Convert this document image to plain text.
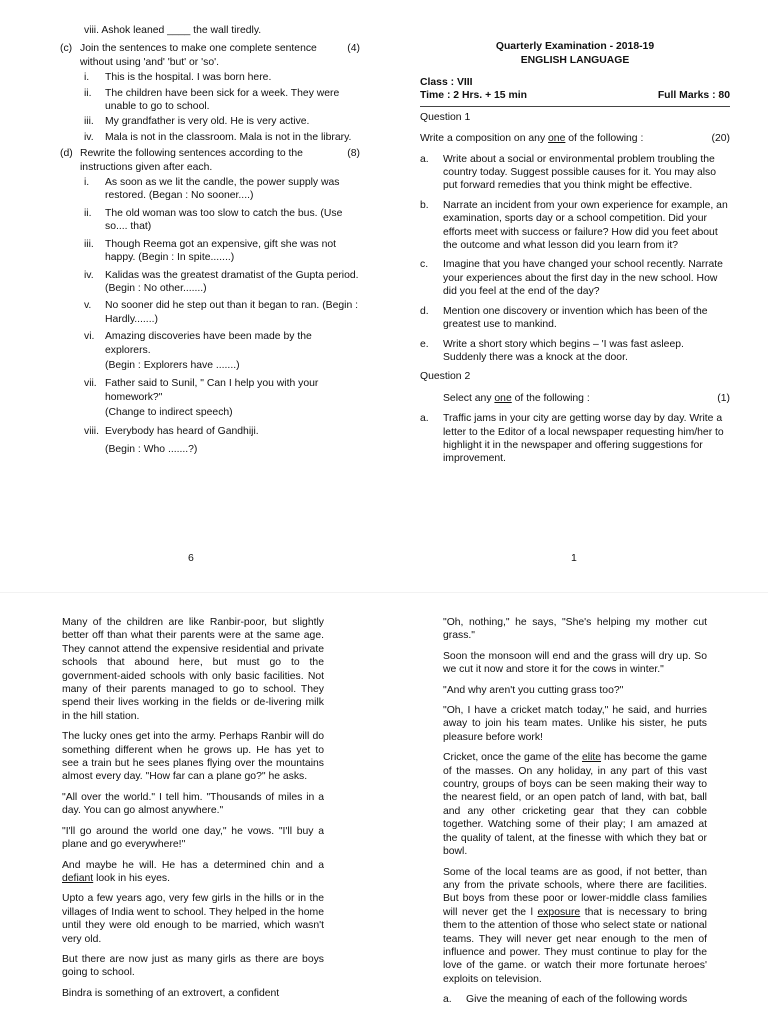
viii. Ashok leaned ____ the wall tiredly.
(c)	(4)
Join the sentences to make one complete sentence without using 'and' 'but' or 'so'.
i.	This is the hospital. I was born here.
ii.	The children have been sick for a week. They were unable to go to school.
iii.	My grandfather is very old. He is very active.
iv.	Mala is not in the classroom. Mala is not in the library.
(d)	(8)
Rewrite the following sentences according to the instructions given after each.
i.	As soon as we lit the candle, the power supply was restored. (Began : No sooner....)
ii.	The old woman was too slow to catch the bus. (Use so.... that)
iii.	Though Reema got an expensive, gift she was not happy. (Begin : In spite.......)
iv.	Kalidas was the greatest dramatist of the Gupta period. (Begin : No other.......)
v.	No sooner did he step out than it began to ran. (Begin : Hardly.......)
vi.	Amazing discoveries have been made by the explorers.
(Begin : Explorers have .......)
vii. Father said to Sunil, " Can I help you with your homework?"
(Change to indirect speech)
viii. Everybody has heard of Gandhiji.
(Begin : Who .......?)
Quarterly Examination - 2018-19
ENGLISH LANGUAGE
Class : VIII
Time : 2 Hrs. + 15 min	Full Marks : 80
Question 1
Write a composition on any one of the following :	(20)
a.	Write about a social or environmental problem troubling the country today. Suggest possible causes for it. You may also put forward remedies that you think might be effective.
b.	Narrate an incident from your own experience for example, an examination, sports day or a school competition. Did your efforts meet with success or failure? How did you feet about the outcome and what lesson did you learn from it?
c.	Imagine that you have changed your school recently. Narrate your experiences about the first day in the new school. How did you feel at the end of the day?
d.	Mention one discovery or invention which has been of the greatest use to mankind.
e.	Write a short story which begins – 'I was fast asleep. Suddenly there was a knock at the door.
Question 2
Select any one of the following :	(1)
a.	Traffic jams in your city are getting worse day by day. Write a letter to the Editor of a local newspaper requesting him/her to highlight it in the newspaper and offering suggestions for improvement.
6	1

Many of the children are like Ranbir-poor, but slightly better off than what their parents were at the same age. They cannot attend the expensive residential and private schools that abound here, but must go to the government-aided schools with only basic facilities. Not many of their parents managed to go to school. They spend their lives working in the fields or de-livering milk in the hill station.

The lucky ones get into the army. Perhaps Ranbir will do something different when he grows up. He has yet to see a train but he sees planes flying over the mountains almost every day. "How far can a plane go?" he asks.

"All over the world." I tell him. "Thousands of miles in a day. You can go almost anywhere."

"I'll go around the world one day," he vows. "I'll buy a plane and go everywhere!"

And maybe he will. He has a determined chin and a defiant look in his eyes.

Upto a few years ago, very few girls in the hills or in the villages of India went to school. They helped in the home until they were old enough to be married, which wasn't very old.

But there are now just as many girls as there are boys going to school.

Bindra is something of an extrovert, a confident

"Oh, nothing," he says, "She's helping my mother cut grass."

Soon the monsoon will end and the grass will dry up. So we cut it now and store it for the cows in winter."

"And why aren't you cutting grass too?"

"Oh, I have a cricket match today," he said, and hurries away to join his team mates. Unlike his sister, he puts pleasure before work!

Cricket, once the game of the elite has become the game of the masses. On any holiday, in any part of this vast country, groups of boys can be seen making their way to the nearest field, or an open patch of land, with bat, ball and any other cricketing gear that they can cobble together. Watching some of their play; I am amazed at the quality of talent, at the finesse with which they bat or bowl.

Some of the local teams are as good, if not better, than any from the private schools, where there are facilities. But boys from these poor or lower-middle class families will never get the l exposure that is necessary to bring them to the attention of those who select state or national teams. They will never get near enough to the men of influence and power. They must continue to play for the love of the game. or watch their more fortunate heroes' exploits on television.

a.	Give the meaning of each of the following words
